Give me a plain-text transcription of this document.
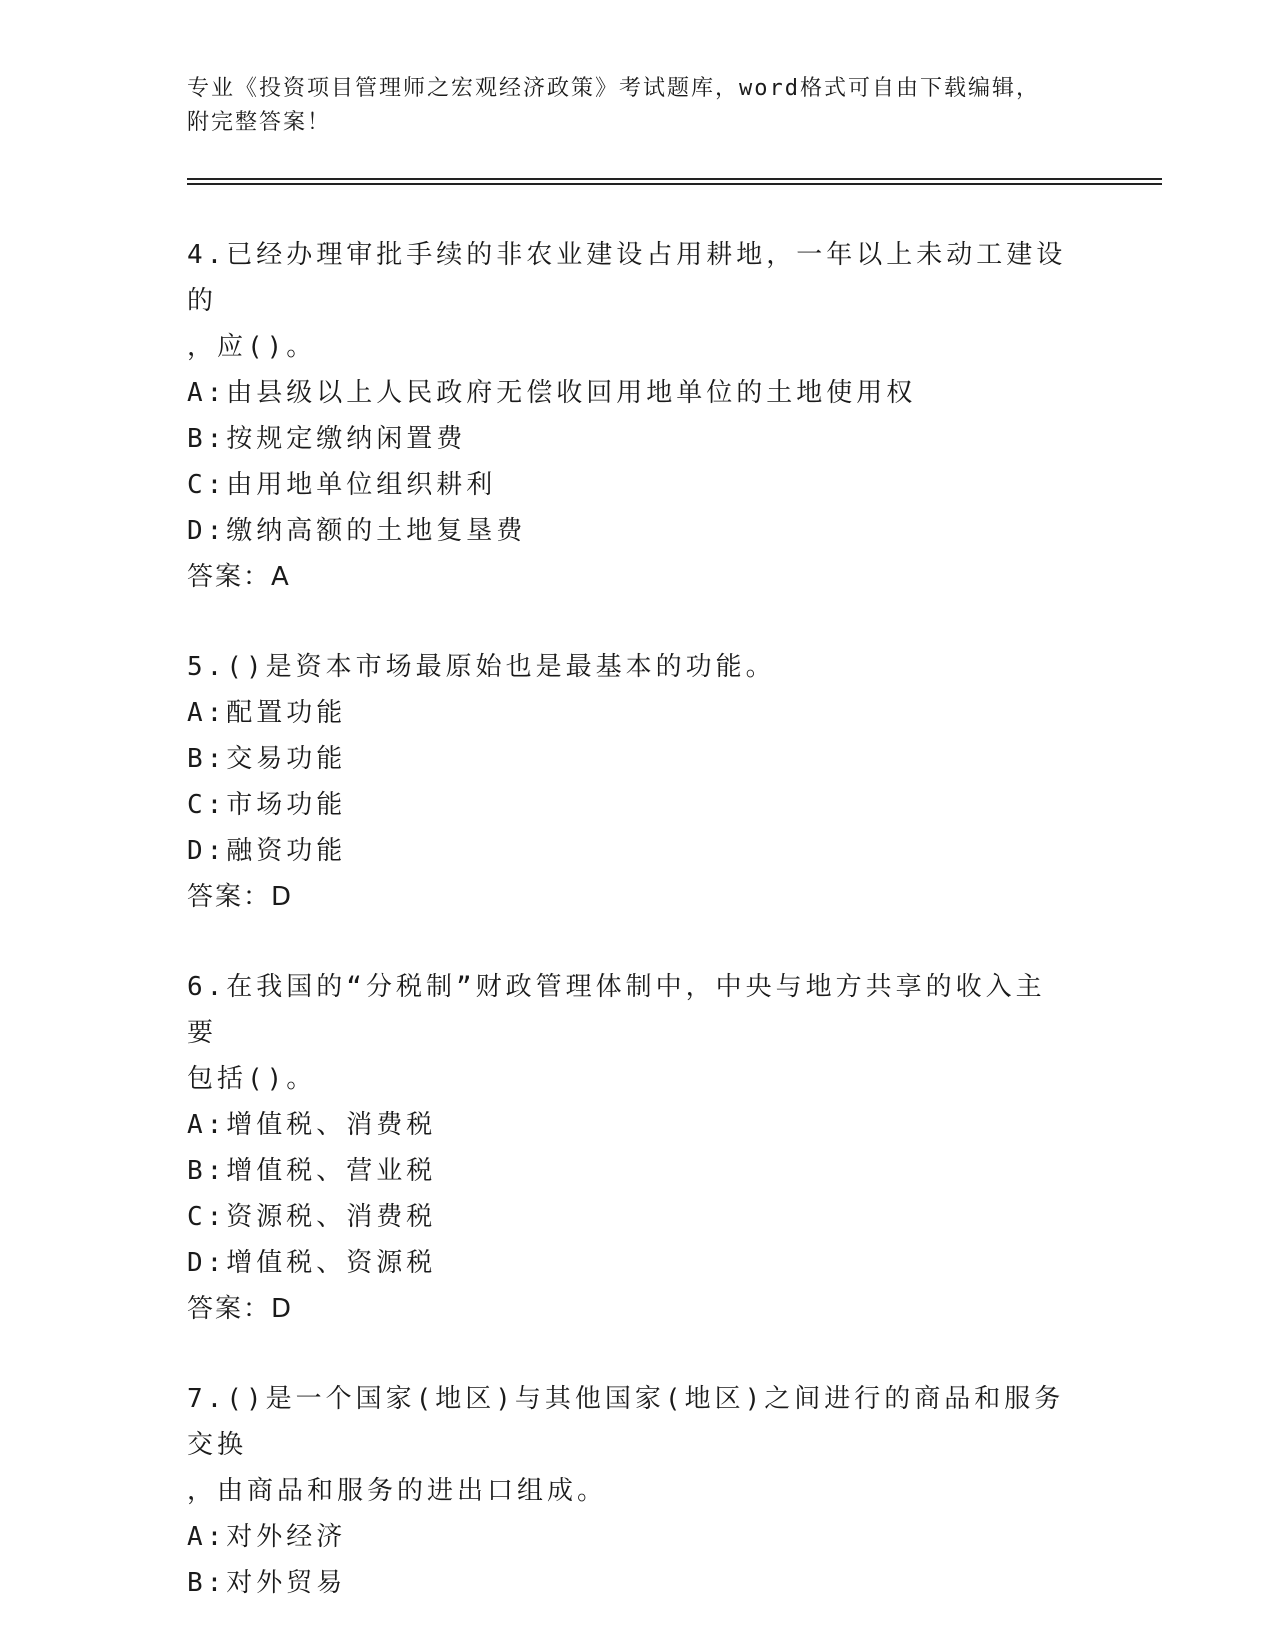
专业《投资项目管理师之宏观经济政策》考试题库，word格式可自由下载编辑，
附完整答案！
4.已经办理审批手续的非农业建设占用耕地，一年以上未动工建设的
，应()。
A:由县级以上人民政府无偿收回用地单位的土地使用权
B:按规定缴纳闲置费
C:由用地单位组织耕利
D:缴纳高额的土地复垦费
答案：A
5.()是资本市场最原始也是最基本的功能。
A:配置功能
B:交易功能
C:市场功能
D:融资功能
答案：D
6.在我国的“分税制”财政管理体制中，中央与地方共享的收入主要
包括()。
A:增值税、消费税
B:增值税、营业税
C:资源税、消费税
D:增值税、资源税
答案：D
7.()是一个国家(地区)与其他国家(地区)之间进行的商品和服务交换
，由商品和服务的进出口组成。
A:对外经济
B:对外贸易
